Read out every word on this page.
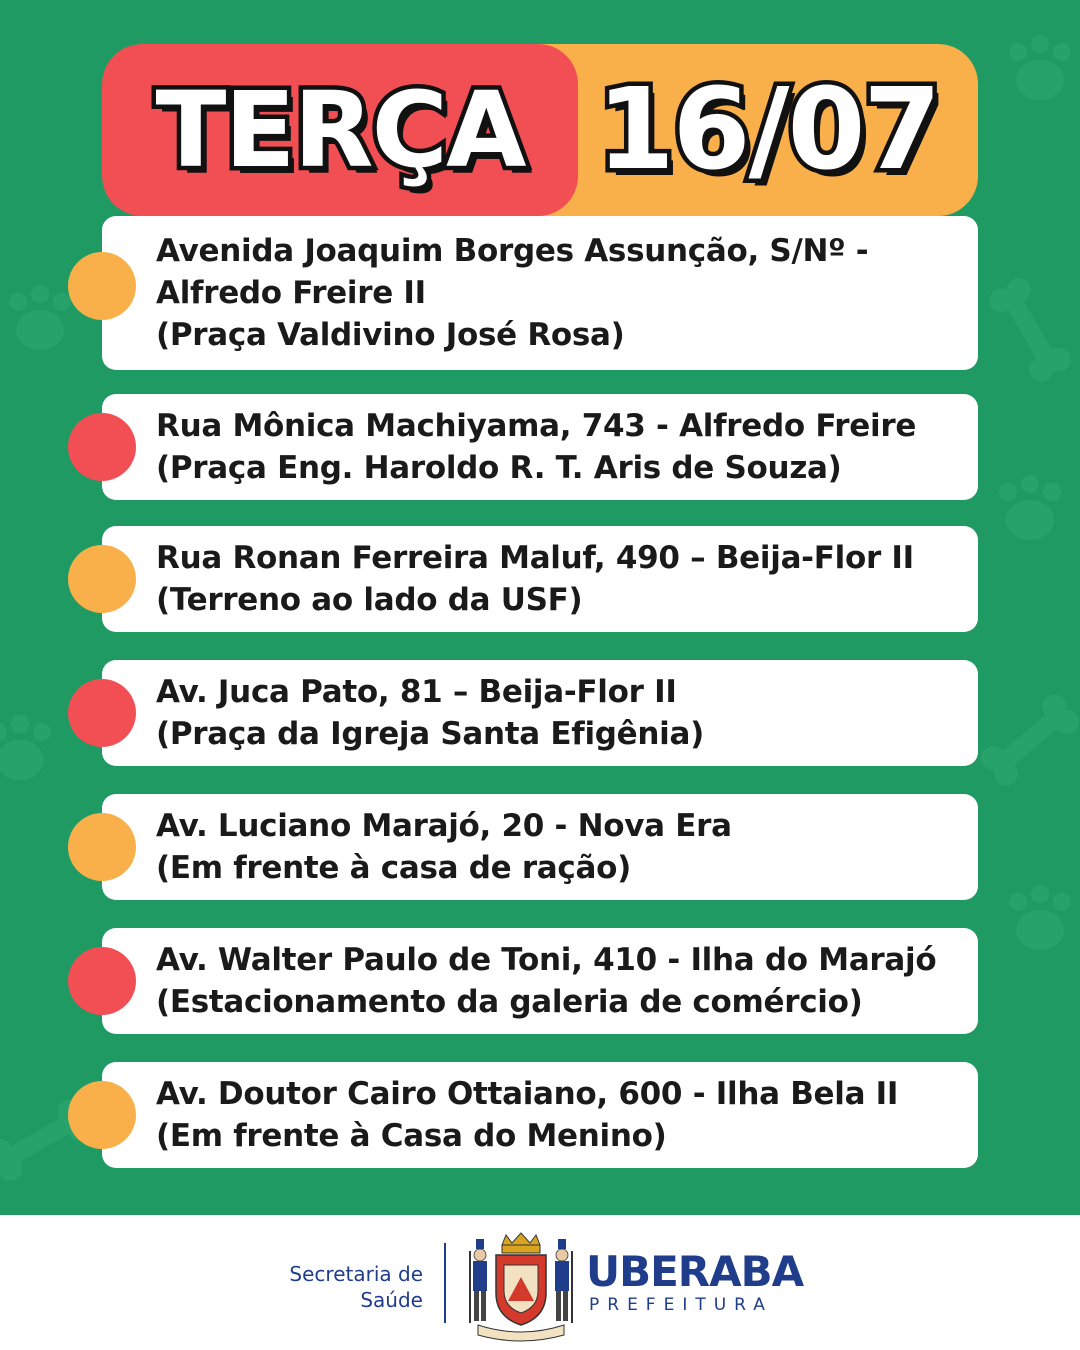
TERÇA 16/07
Avenida Joaquim Borges Assunção, S/Nº -
Alfredo Freire II
(Praça Valdivino José Rosa)
Rua Mônica Machiyama, 743 - Alfredo Freire
(Praça Eng. Haroldo R. T. Aris de Souza)
Rua Ronan Ferreira Maluf, 490 – Beija-Flor II
(Terreno ao lado da USF)
Av. Juca Pato, 81 – Beija-Flor II
(Praça da Igreja Santa Efigênia)
Av. Luciano Marajó, 20 - Nova Era
(Em frente à casa de ração)
Av. Walter Paulo de Toni, 410 - Ilha do Marajó
(Estacionamento da galeria de comércio)
Av. Doutor Cairo Ottaiano, 600 - Ilha Bela II
(Em frente à Casa do Menino)
Secretaria de
Saúde
UBERABA
PREFEITURA
